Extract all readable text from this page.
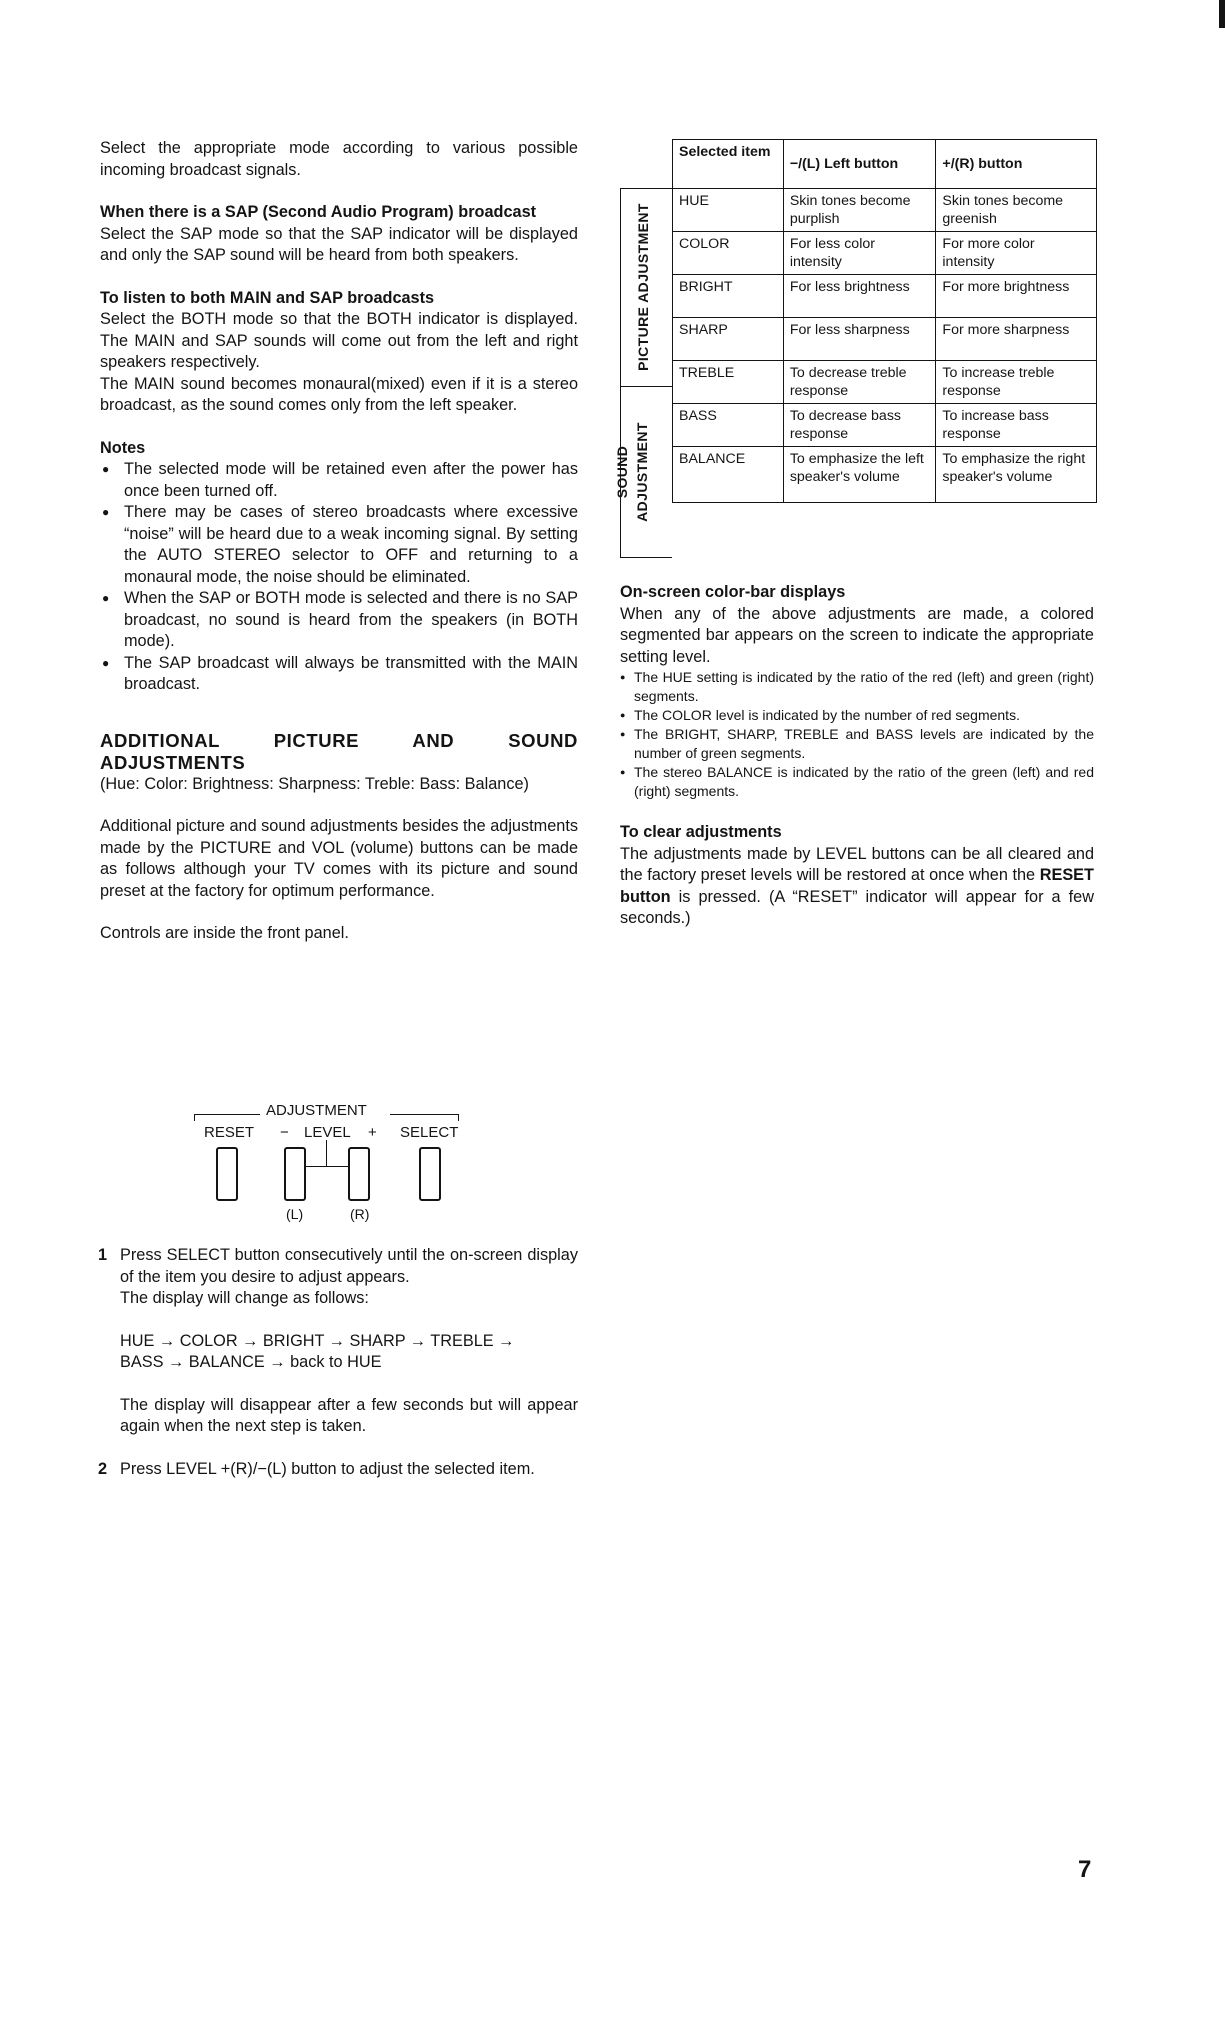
Select the appropriate mode according to various possible incoming broadcast signals.

When there is a SAP (Second Audio Program) broadcast

Select the SAP mode so that the SAP indicator will be displayed and only the SAP sound will be heard from both speakers.

To listen to both MAIN and SAP broadcasts

Select the BOTH mode so that the BOTH indicator is displayed. The MAIN and SAP sounds will come out from the left and right speakers respectively.

The MAIN sound becomes monaural(mixed) even if it is a stereo broadcast, as the sound comes only from the left speaker.

Notes

● The selected mode will be retained even after the power has once been turned off.
● There may be cases of stereo broadcasts where excessive “noise” will be heard due to a weak incoming signal. By setting the AUTO STEREO selector to OFF and returning to a monaural mode, the noise should be eliminated.
● When the SAP or BOTH mode is selected and there is no SAP broadcast, no sound is heard from the speakers (in BOTH mode).
● The SAP broadcast will always be transmitted with the MAIN broadcast.

ADDITIONAL PICTURE AND SOUND ADJUSTMENTS

(Hue: Color: Brightness: Sharpness: Treble: Bass: Balance)

Additional picture and sound adjustments besides the adjustments made by the PICTURE and VOL (volume) buttons can be made as follows although your TV comes with its picture and sound preset at the factory for optimum performance.

Controls are inside the front panel.

ADJUSTMENT
RESET − LEVEL + SELECT
(L)	(R)
1 Press SELECT button consecutively until the on-screen display of the item you desire to adjust appears.

The display will change as follows:

HUE → COLOR → BRIGHT → SHARP → TREBLE →

BASS → BALANCE → back to HUE

The display will disappear after a few seconds but will appear again when the next step is taken.

2 Press LEVEL +(R)/−(L) button to adjust the selected item.

PICTURE ADJUSTMENT
ADJUSTMENT
SOUND
Selected item	−/(L) Left button	+/(R) button
HUE	Skin tones become purplish	Skin tones become greenish
COLOR	For less color intensity	For more color intensity
BRIGHT	For less brightness	For more brightness
SHARP	For less sharpness	For more sharpness
TREBLE	To decrease treble response	To increase treble response
BASS	To decrease bass response	To increase bass response
BALANCE	To emphasize the left speaker's volume	To emphasize the right speaker's volume

On-screen color-bar displays

When any of the above adjustments are made, a colored segmented bar appears on the screen to indicate the appropriate setting level.

● The HUE setting is indicated by the ratio of the red (left) and green (right) segments.
● The COLOR level is indicated by the number of red segments.
● The BRIGHT, SHARP, TREBLE and BASS levels are indicated by the number of green segments.
● The stereo BALANCE is indicated by the ratio of the green (left) and red (right) segments.

To clear adjustments

The adjustments made by LEVEL buttons can be all cleared and the factory preset levels will be restored at once when the RESET button is pressed. (A “RESET” indicator will appear for a few seconds.)

7
